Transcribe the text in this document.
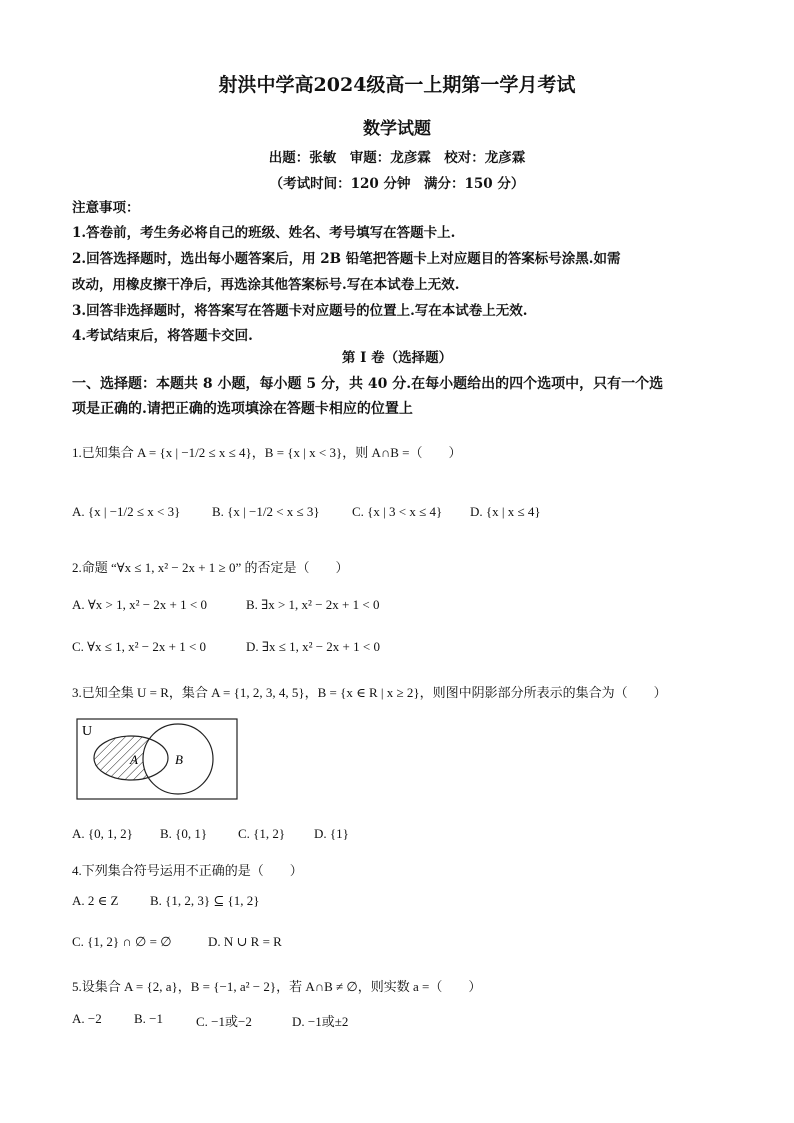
射洪中学高2024级高一上期第一学月考试
数学试题
出题：张敏　审题：龙彦霖　校对：龙彦霖
（考试时间：120 分钟　满分：150 分）
注意事项：
1.答卷前，考生务必将自己的班级、姓名、考号填写在答题卡上.
2.回答选择题时，选出每小题答案后，用 2B 铅笔把答题卡上对应题目的答案标号涂黑.如需
改动，用橡皮擦干净后，再选涂其他答案标号.写在本试卷上无效.
3.回答非选择题时，将答案写在答题卡对应题号的位置上.写在本试卷上无效.
4.考试结束后，将答题卡交回.
第 I 卷（选择题）
一、选择题：本题共 8 小题，每小题 5 分，共 40 分.在每小题给出的四个选项中，只有一个选
项是正确的.请把正确的选项填涂在答题卡相应的位置上
1.已知集合 A = {x | −1/2 ≤ x ≤ 4}，B = {x | x < 3}，则 A∩B =（　　）
A. {x | −1/2 ≤ x < 3} B. {x | −1/2 < x ≤ 3} C. {x | 3 < x ≤ 4} D. {x | x ≤ 4}
2.命题 “∀x ≤ 1, x² − 2x + 1 ≥ 0” 的否定是（　　）
A. ∀x > 1, x² − 2x + 1 < 0	B. ∃x > 1, x² − 2x + 1 < 0
C. ∀x ≤ 1, x² − 2x + 1 < 0	D. ∃x ≤ 1, x² − 2x + 1 < 0
3.已知全集 U = R，集合 A = {1, 2, 3, 4, 5}，B = {x ∈ R | x ≥ 2}，则图中阴影部分所表示的集合为（　　）
U
A	B
A. {0, 1, 2} B. {0, 1} C. {1, 2} D. {1}
4.下列集合符号运用不正确的是（　　）
A. 2 ∈ Z B. {1, 2, 3} ⊆ {1, 2}
C. {1, 2} ∩ ∅ = ∅	D. N ∪ R = R
5.设集合 A = {2, a}，B = {−1, a² − 2}，若 A∩B ≠ ∅，则实数 a =（　　）
A. −2 B. −1	C. −1或−2	D. −1或±2
